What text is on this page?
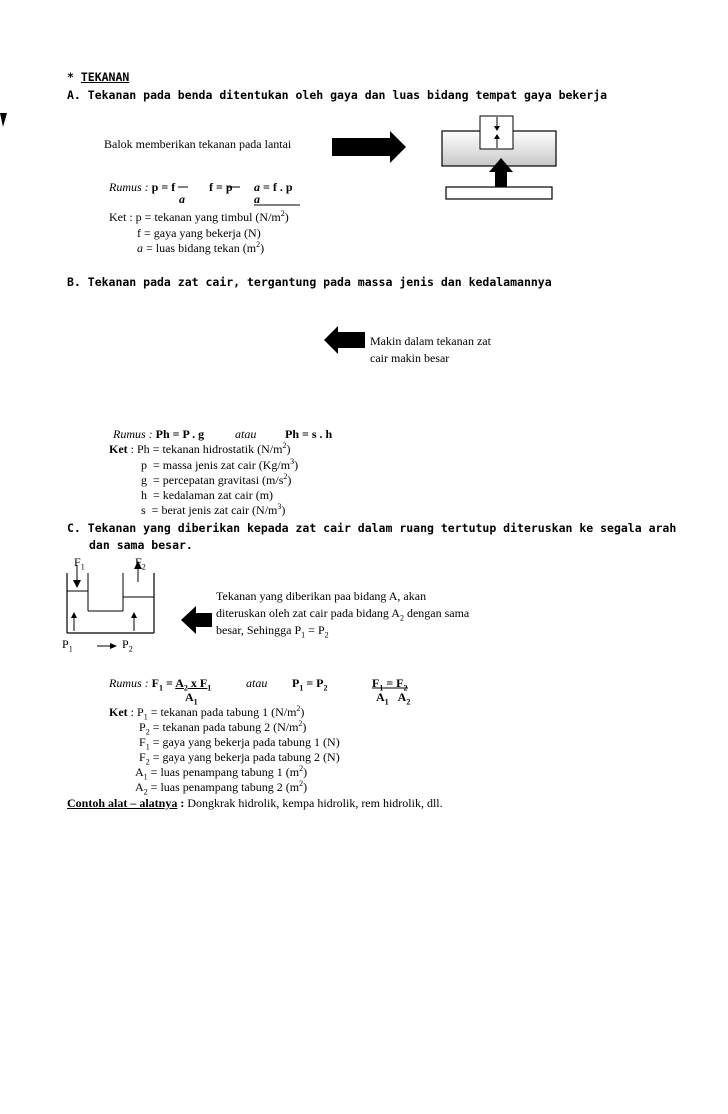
* TEKANAN
A. Tekanan pada benda ditentukan oleh gaya dan luas bidang tempat gaya bekerja
Balok memberikan tekanan pada lantai
Rumus : p = f	f = p a = f . p
a	a
Ket : p = tekanan yang timbul $(N/m^2)$
f = gaya yang bekerja (N)
a = luas bidang tekan $(m^2)$
B. Tekanan pada zat cair, tergantung pada massa jenis dan kedalamannya
Makin dalam tekanan zat
cair makin besar
Rumus : Ph = P . g	atau Ph = s . h
Ket : Ph = tekanan hidrostatik $(N/m^2)$
p = massa jenis zat cair $(Kg/m^3)$
g = percepatan gravitasi $(m/s^2)$
h = kedalaman zat cair (m)
s = berat jenis zat cair $(N/m^3)$
C. Tekanan yang diberikan kepada zat cair dalam ruang tertutup diteruskan ke segala arah
dan sama besar.
$F_1$	$F_2$
$P_1$	$P_2$
Tekanan yang diberikan paa bidang A, akan
diteruskan oleh zat cair pada bidang $A_2$ dengan sama
besar, Sehingga $P_1 = P_2$
Rumus : $F_1 = A_2$ x $F_1$
$A_1$
atau $P_1 = P_2$	$F_1 = F_2$
$A_1$ $A_2$
Ket : $P_1$ = tekanan pada tabung 1 $(N/m^2)$
$P_2$ = tekanan pada tabung 2 $(N/m^2)$
$F_1$ = gaya yang bekerja pada tabung 1 (N)
$F_2$ = gaya yang bekerja pada tabung 2 (N)
$A_1$ = luas penampang tabung 1 $(m^2)$
$A_2$ = luas penampang tabung 2 $(m^2)$
Contoh alat – alatnya : Dongkrak hidrolik, kempa hidrolik, rem hidrolik, dll.
